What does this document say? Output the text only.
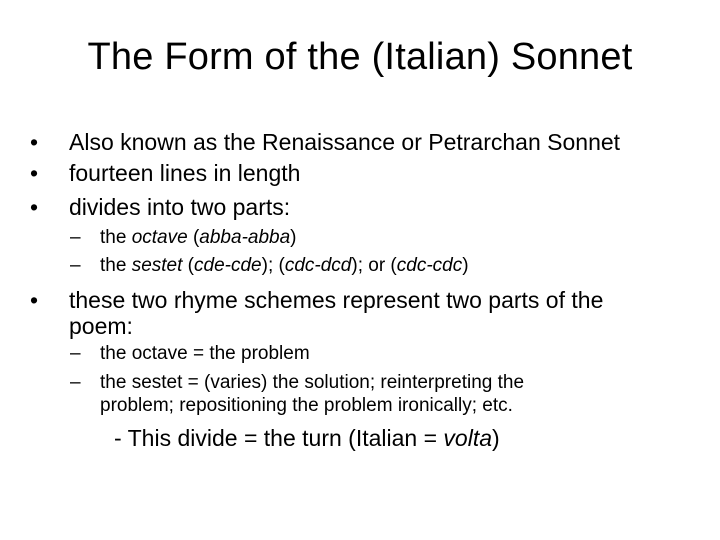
The Form of the (Italian) Sonnet
• Also known as the Renaissance or Petrarchan Sonnet
• fourteen lines in length
• divides into two parts:
– the octave (abba-abba)
– the sestet (cde-cde); (cdc-dcd); or (cdc-cdc)
• these two rhyme schemes represent two parts of the
poem:
– the octave = the problem
– the sestet = (varies) the solution; reinterpreting the
problem; repositioning the problem ironically; etc.
- This divide = the turn (Italian = volta)
